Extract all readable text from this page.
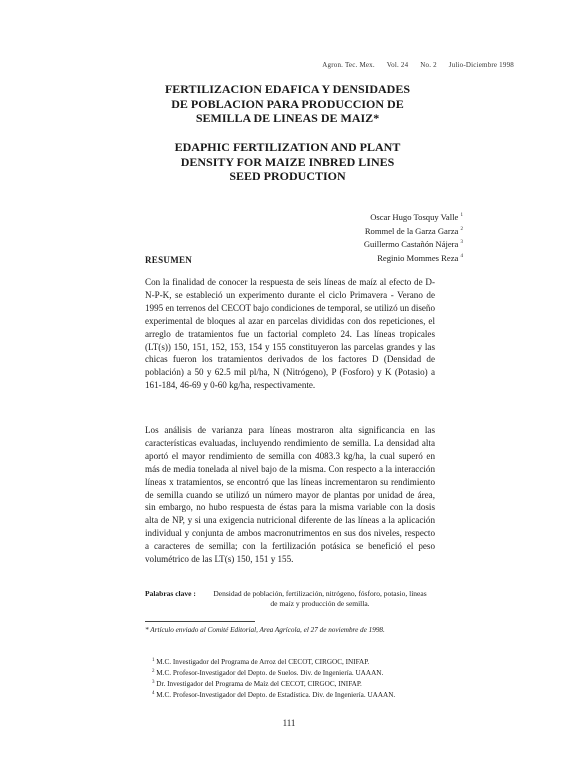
Agron. Tec. Mex. Vol. 24 No. 2 Julio-Diciembre 1998
FERTILIZACION EDAFICA Y DENSIDADES
DE POBLACION PARA PRODUCCION DE
SEMILLA DE LINEAS DE MAIZ*
EDAPHIC FERTILIZATION AND PLANT
DENSITY FOR MAIZE INBRED LINES
SEED PRODUCTION
Oscar Hugo Tosquy Valle $^1$
Rommel de la Garza Garza $^2$
Guillermo Castañón Nájera $^3$
Reginio Mommes Reza $^4$
RESUMEN
Con la finalidad de conocer la respuesta de seis líneas de maíz al efecto de D-N-P-K, se estableció un experimento durante el ciclo Primavera - Verano de 1995 en terrenos del CECOT bajo condiciones de temporal, se utilizó un diseño experimental de bloques al azar en parcelas divididas con dos repeticiones, el arreglo de tratamientos fue un factorial completo 24. Las líneas tropicales (LT(s)) 150, 151, 152, 153, 154 y 155 constituyeron las parcelas grandes y las chicas fueron los tratamientos derivados de los factores D (Densidad de población) a 50 y 62.5 mil pl/ha, N (Nitrógeno), P (Fosforo) y K (Potasio) a 161-184, 46-69 y 0-60 kg/ha, respectivamente.
Los análisis de varianza para líneas mostraron alta significancia en las características evaluadas, incluyendo rendimiento de semilla. La densidad alta aportó el mayor rendimiento de semilla con 4083.3 kg/ha, la cual superó en más de media tonelada al nivel bajo de la misma. Con respecto a la interacción líneas x tratamientos, se encontró que las líneas incrementaron su rendimiento de semilla cuando se utilizó un número mayor de plantas por unidad de área, sin embargo, no hubo respuesta de éstas para la misma variable con la dosis alta de NP, y si una exigencia nutricional diferente de las líneas a la aplicación individual y conjunta de ambos macronutrimentos en sus dos niveles, respecto a caracteres de semilla; con la fertilización potásica se benefició el peso volumétrico de las LT(s) 150, 151 y 155.
Palabras clave : Densidad de población, fertilización, nitrógeno, fósforo, potasio, líneas de maíz y producción de semilla.
* Artículo enviado al Comité Editorial, Area Agrícola, el 27 de noviembre de 1998.
$^1$ M.C. Investigador del Programa de Arroz del CECOT, CIRGOC, INIFAP.
$^2$ M.C. Profesor-Investigador del Depto. de Suelos. Div. de Ingeniería. UAAAN.
$^3$ Dr. Investigador del Programa de Maíz del CECOT, CIRGOC, INIFAP.
$^4$ M.C. Profesor-Investigador del Depto. de Estadística. Div. de Ingeniería. UAAAN.
111
